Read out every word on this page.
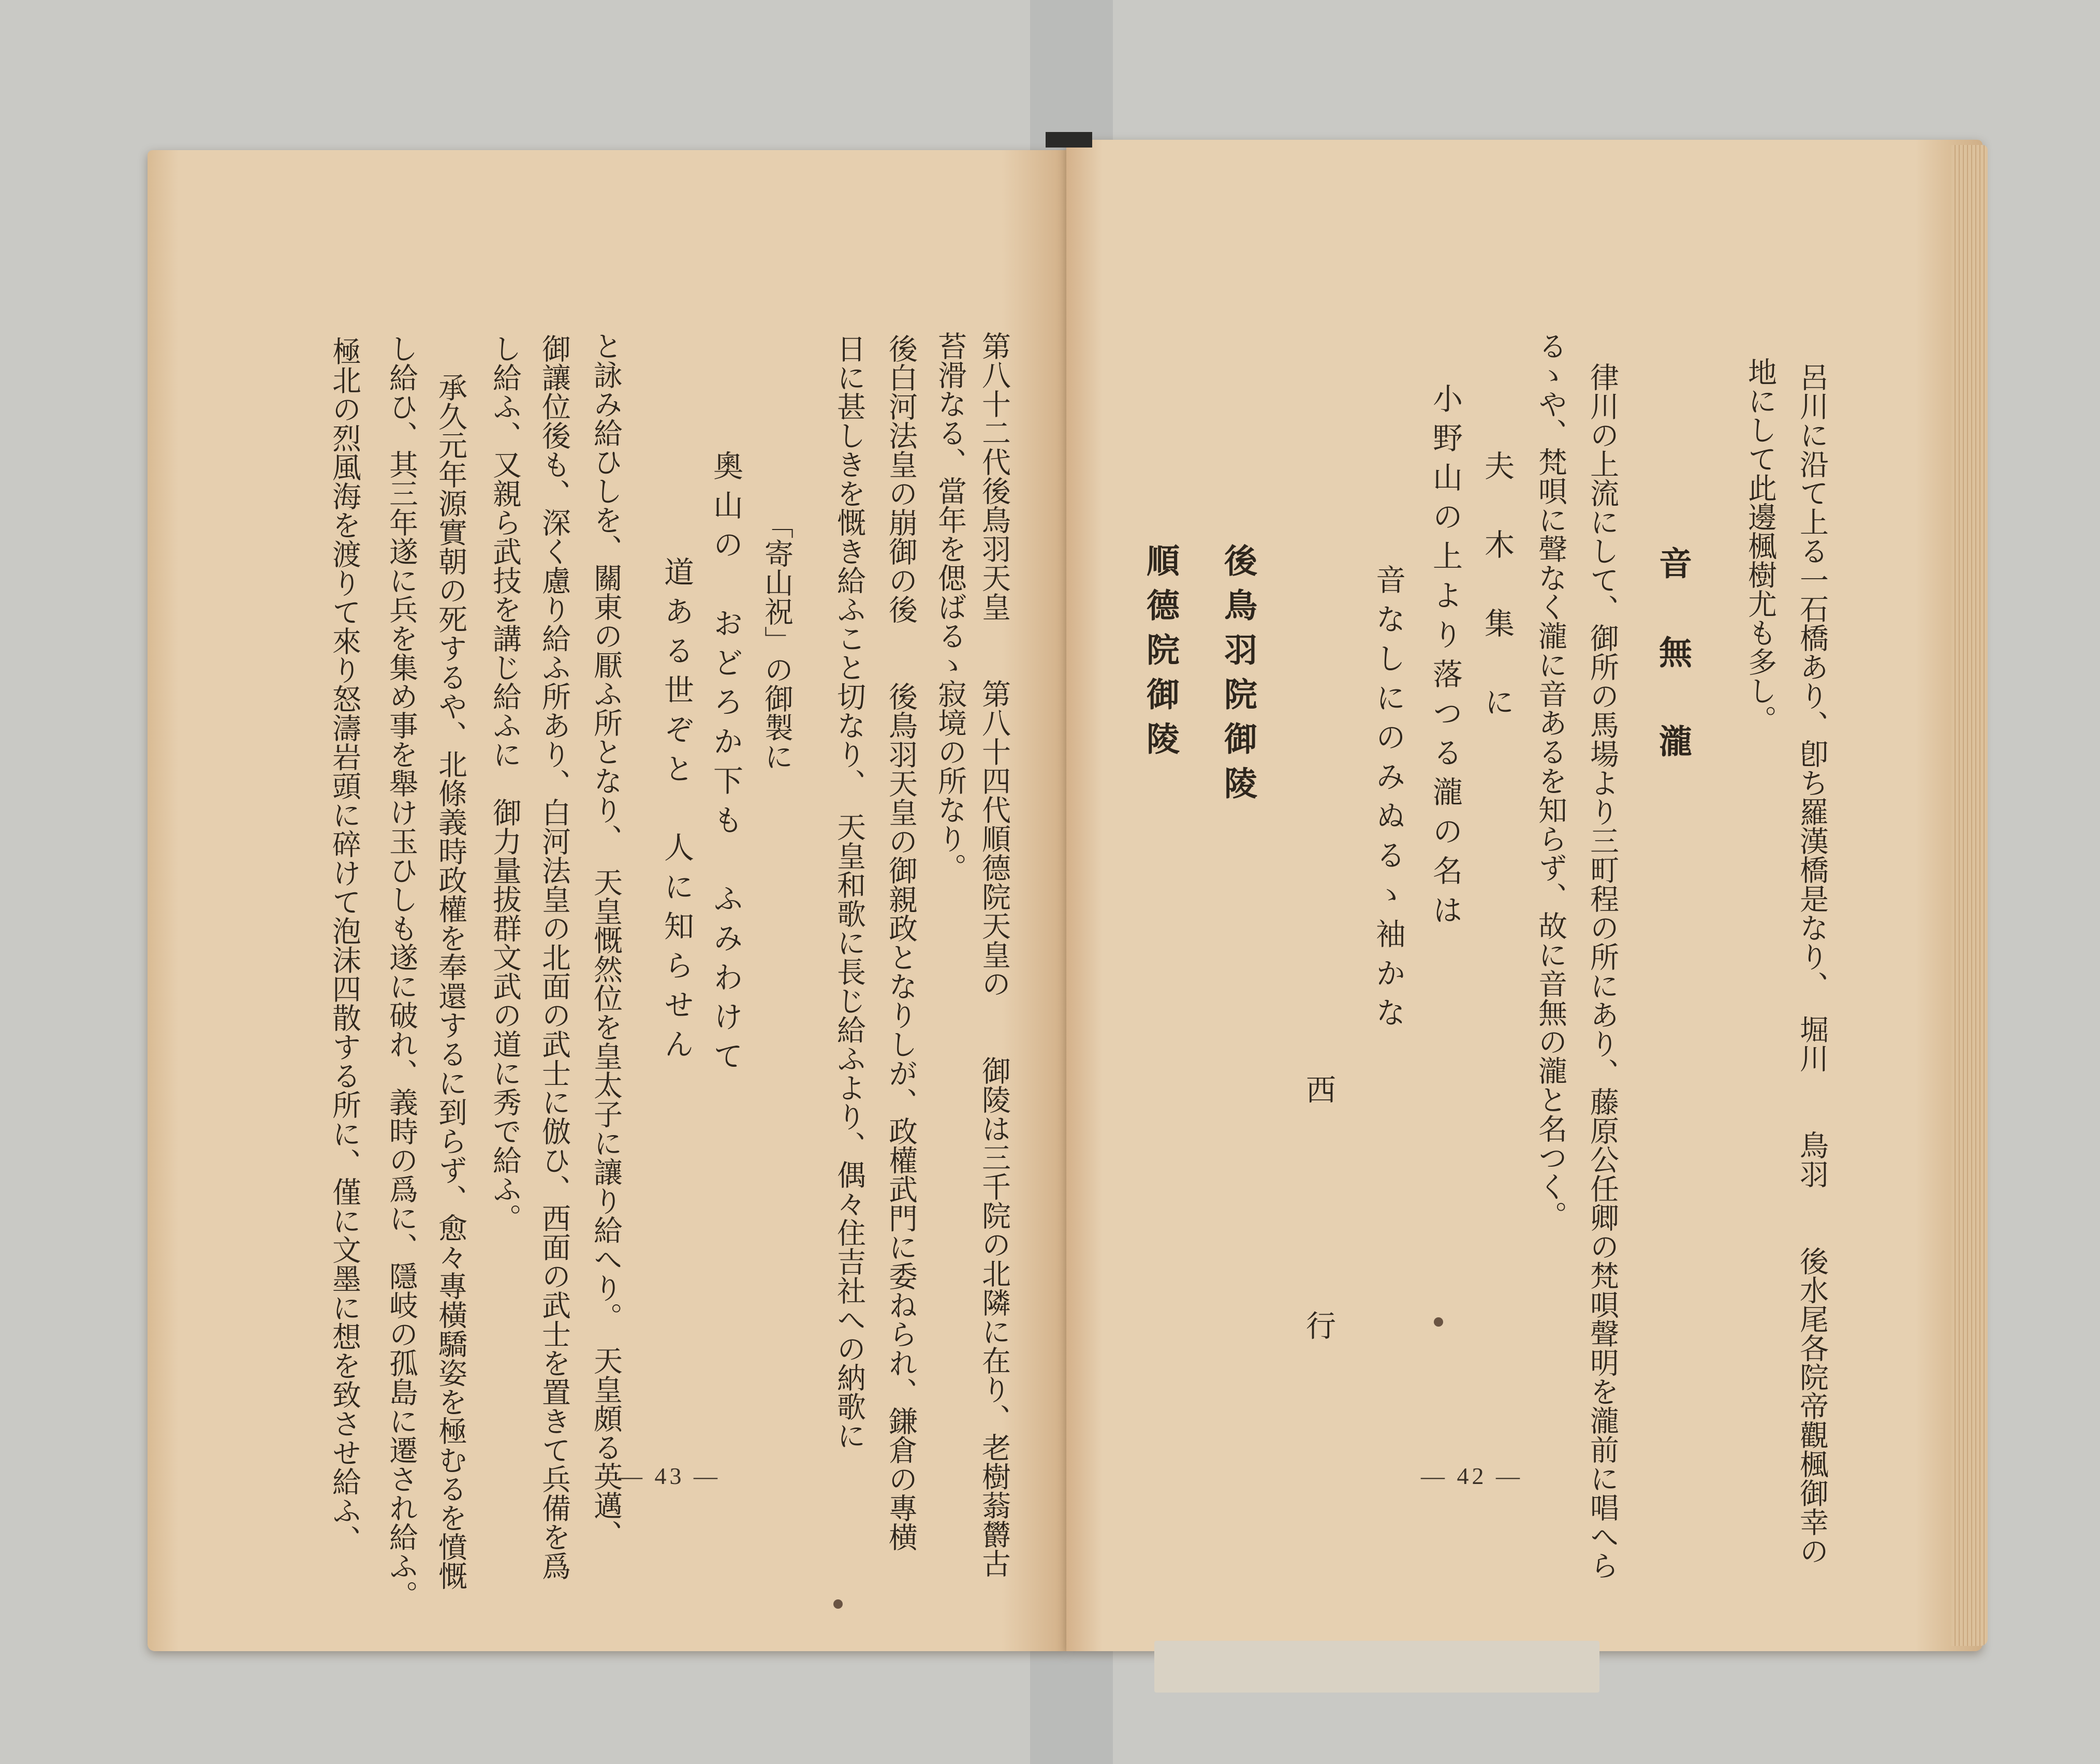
第八十二代後鳥羽天皇　　第八十四代順德院天皇の　　御陵は三千院の北隣に在り、老樹蓊欝古

苔滑なる、當年を偲ばるゝ寂境の所なり。

後白河法皇の崩御の後　　後鳥羽天皇の御親政となりしが、政權武門に委ねられ、鎌倉の專横

日に甚しきを慨き給ふこと切なり、　天皇和歌に長じ給ふより、偶々住吉社への納歌に

「寄山祝」の御製に

奧山の　おどろか下も　ふみわけて

道ある世ぞと　人に知らせん

と詠み給ひしを、關東の厭ふ所となり、　天皇慨然位を皇太子に讓り給へり。　天皇頗る英邁、

御讓位後も、深く慮り給ふ所あり、白河法皇の北面の武士に倣ひ、西面の武士を置きて兵備を爲

し給ふ、又親ら武技を講じ給ふに　御力量拔群文武の道に秀で給ふ。

承久元年源實朝の死するや、北條義時政權を奉還するに到らず、愈々專橫驕姿を極むるを憤慨

し給ひ、其三年遂に兵を集め事を舉け玉ひしも遂に破れ、義時の爲に、隱岐の孤島に遷され給ふ。

極北の烈風海を渡りて來り怒濤岩頭に碎けて泡沫四散する所に、僅に文墨に想を致させ給ふ、	— 43 —	呂川に沿て上る一石橋あり、卽ち羅漢橋是なり、　堀川　　鳥羽　　後水尾各院帝觀楓御幸の

地にして此邊楓樹尤も多し。

音　無　瀧

律川の上流にして、御所の馬場より三町程の所にあり、藤原公任卿の梵唄聲明を瀧前に唱へら

るゝや、梵唄に聲なく瀧に音あるを知らず、故に音無の瀧と名つく。

夫　木　集　に

小野山の上より落つる瀧の名は

音なしにのみぬるゝ袖かな

西　　　　　行

後鳥羽院御陵

順德院御陵

— 42 —
